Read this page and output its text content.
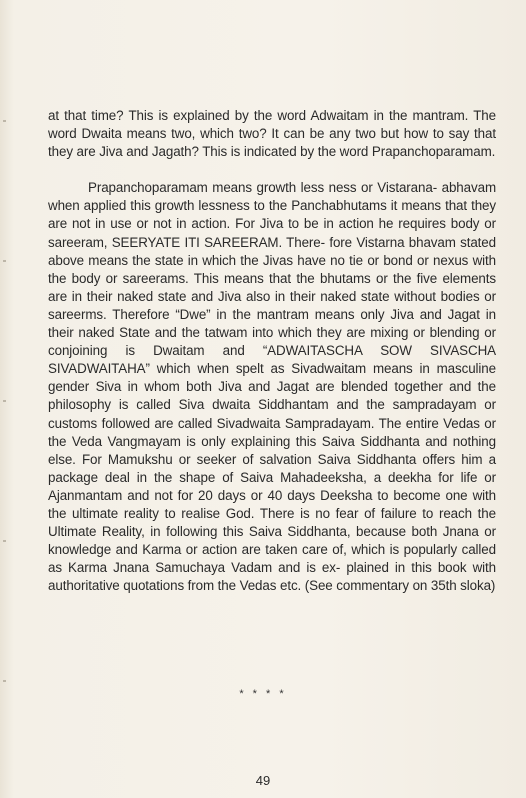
at that time? This is explained by the word Adwaitam in the mantram. The word Dwaita means two, which two? It can be any two but how to say that they are Jiva and Jagath? This is indicated by the word Prapanchoparamam.

Prapanchoparamam means growth less ness or Vistarana- abhavam when applied this growth lessness to the Panchabhutams it means that they are not in use or not in action. For Jiva to be in action he requires body or sareeram, SEERYATE ITI SAREERAM. There- fore Vistarna bhavam stated above means the state in which the Jivas have no tie or bond or nexus with the body or sareerams. This means that the bhutams or the five elements are in their naked state and Jiva also in their naked state without bodies or sareerms. Therefore “Dwe” in the mantram means only Jiva and Jagat in their naked State and the tatwam into which they are mixing or blending or conjoining is Dwaitam and “ADWAITASCHA SOW SIVASCHA SIVADWAITAHA” which when spelt as Sivadwaitam means in masculine gender Siva in whom both Jiva and Jagat are blended together and the philosophy is called Siva dwaita Siddhantam and the sampradayam or customs followed are called Sivadwaita Sampradayam. The entire Vedas or the Veda Vangmayam is only explaining this Saiva Siddhanta and nothing else. For Mamukshu or seeker of salvation Saiva Siddhanta offers him a package deal in the shape of Saiva Mahadeeksha, a deekha for life or Ajanmantam and not for 20 days or 40 days Deeksha to become one with the ultimate reality to realise God. There is no fear of failure to reach the Ultimate Reality, in following this Saiva Siddhanta, because both Jnana or knowledge and Karma or action are taken care of, which is popularly called as Karma Jnana Samuchaya Vadam and is ex- plained in this book with authoritative quotations from the Vedas etc. (See commentary on 35th sloka)

* * * *
49
